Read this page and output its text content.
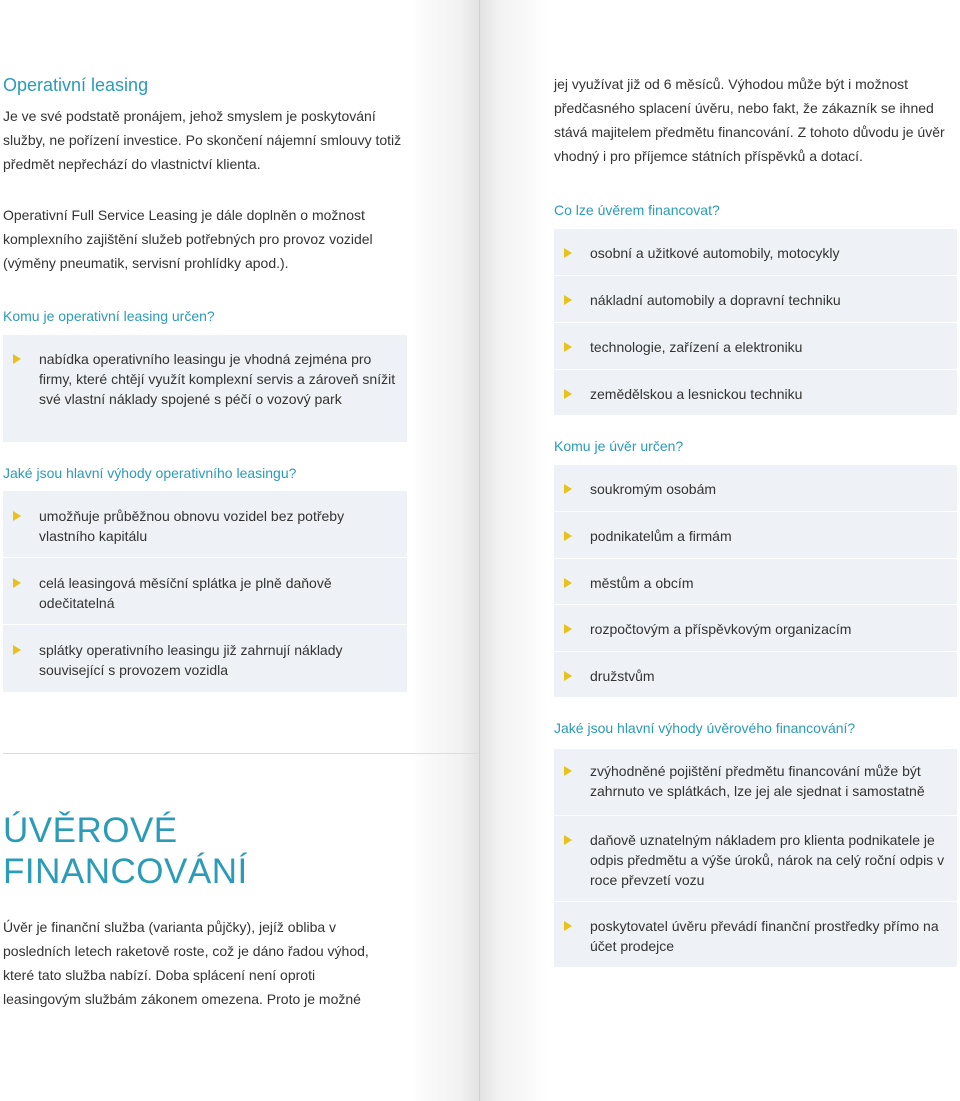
Operativní leasing

Je ve své podstatě pronájem, jehož smyslem je poskytování služby, ne pořízení investice. Po skončení nájemní smlouvy totiž předmět nepřechází do vlastnictví klienta.

Operativní Full Service Leasing je dále doplněn o možnost komplexního zajištění služeb potřebných pro provoz vozidel (výměny pneumatik, servisní prohlídky apod.).

Komu je operativní leasing určen?
nabídka operativního leasingu je vhodná zejména pro firmy, které chtějí využít komplexní servis a zároveň snížit své vlastní náklady spojené s péčí o vozový park
Jaké jsou hlavní výhody operativního leasingu?
umožňuje průběžnou obnovu vozidel bez potřeby vlastního kapitálu
celá leasingová měsíční splátka je plně daňově odečitatelná
splátky operativního leasingu již zahrnují náklady související s provozem vozidla
ÚVĚROVÉ
FINANCOVÁNÍ

Úvěr je finanční služba (varianta půjčky), jejíž obliba v posledních letech raketově roste, což je dáno řadou výhod, které tato služba nabízí. Doba splácení není oproti leasingovým službám zákonem omezena. Proto je možné

jej využívat již od 6 měsíců. Výhodou může být i možnost předčasného splacení úvěru, nebo fakt, že zákazník se ihned stává majitelem předmětu financování. Z tohoto důvodu je úvěr vhodný i pro příjemce státních příspěvků a dotací.

Co lze úvěrem financovat?
osobní a užitkové automobily, motocykly
nákladní automobily a dopravní techniku
technologie, zařízení a elektroniku
zemědělskou a lesnickou techniku
Komu je úvěr určen?
soukromým osobám
podnikatelům a firmám
městům a obcím
rozpočtovým a příspěvkovým organizacím
družstvům
Jaké jsou hlavní výhody úvěrového financování?
zvýhodněné pojištění předmětu financování může být zahrnuto ve splátkách, lze jej ale sjednat i samostatně
daňově uznatelným nákladem pro klienta podnikatele je odpis předmětu a výše úroků, nárok na celý roční odpis v roce převzetí vozu
poskytovatel úvěru převádí finanční prostředky přímo na účet prodejce
